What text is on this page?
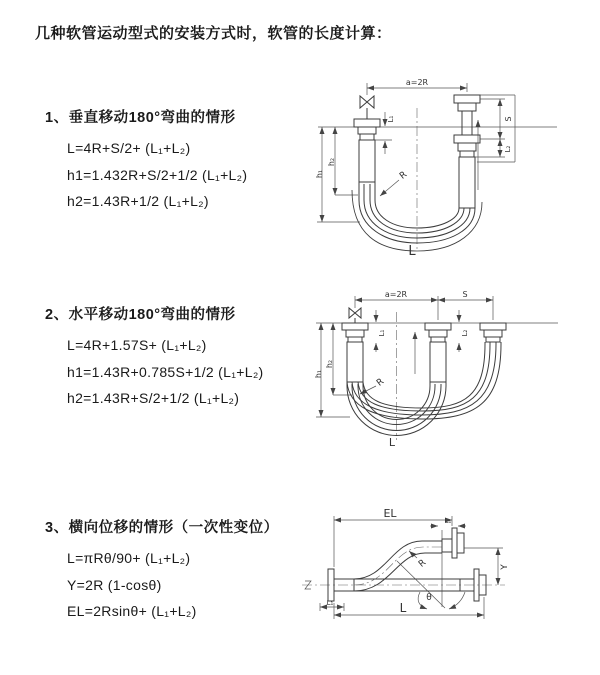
几种软管运动型式的安装方式时，软管的长度计算：
1、垂直移动180°弯曲的情形
L=4R+S/2+ (L₁+L₂)
h1=1.432R+S/2+1/2 (L₁+L₂)
h2=1.43R+1/2 (L₁+L₂)
2、水平移动180°弯曲的情形
L=4R+1.57S+ (L₁+L₂)
h1=1.43R+0.785S+1/2 (L₁+L₂)
h2=1.43R+S/2+1/2 (L₁+L₂)
3、横向位移的情形（一次性变位）
L=πRθ/90+ (L₁+L₂)
Y=2R (1-cosθ)
EL=2Rsinθ+ (L₁+L₂)
a=2R
L₁	S
L₂
h₁
h₂
R
L
a=2R	S
L₁	L₂
h₁
h₂
R
L
EL
L₁
Y
L
L₁
R
θ
